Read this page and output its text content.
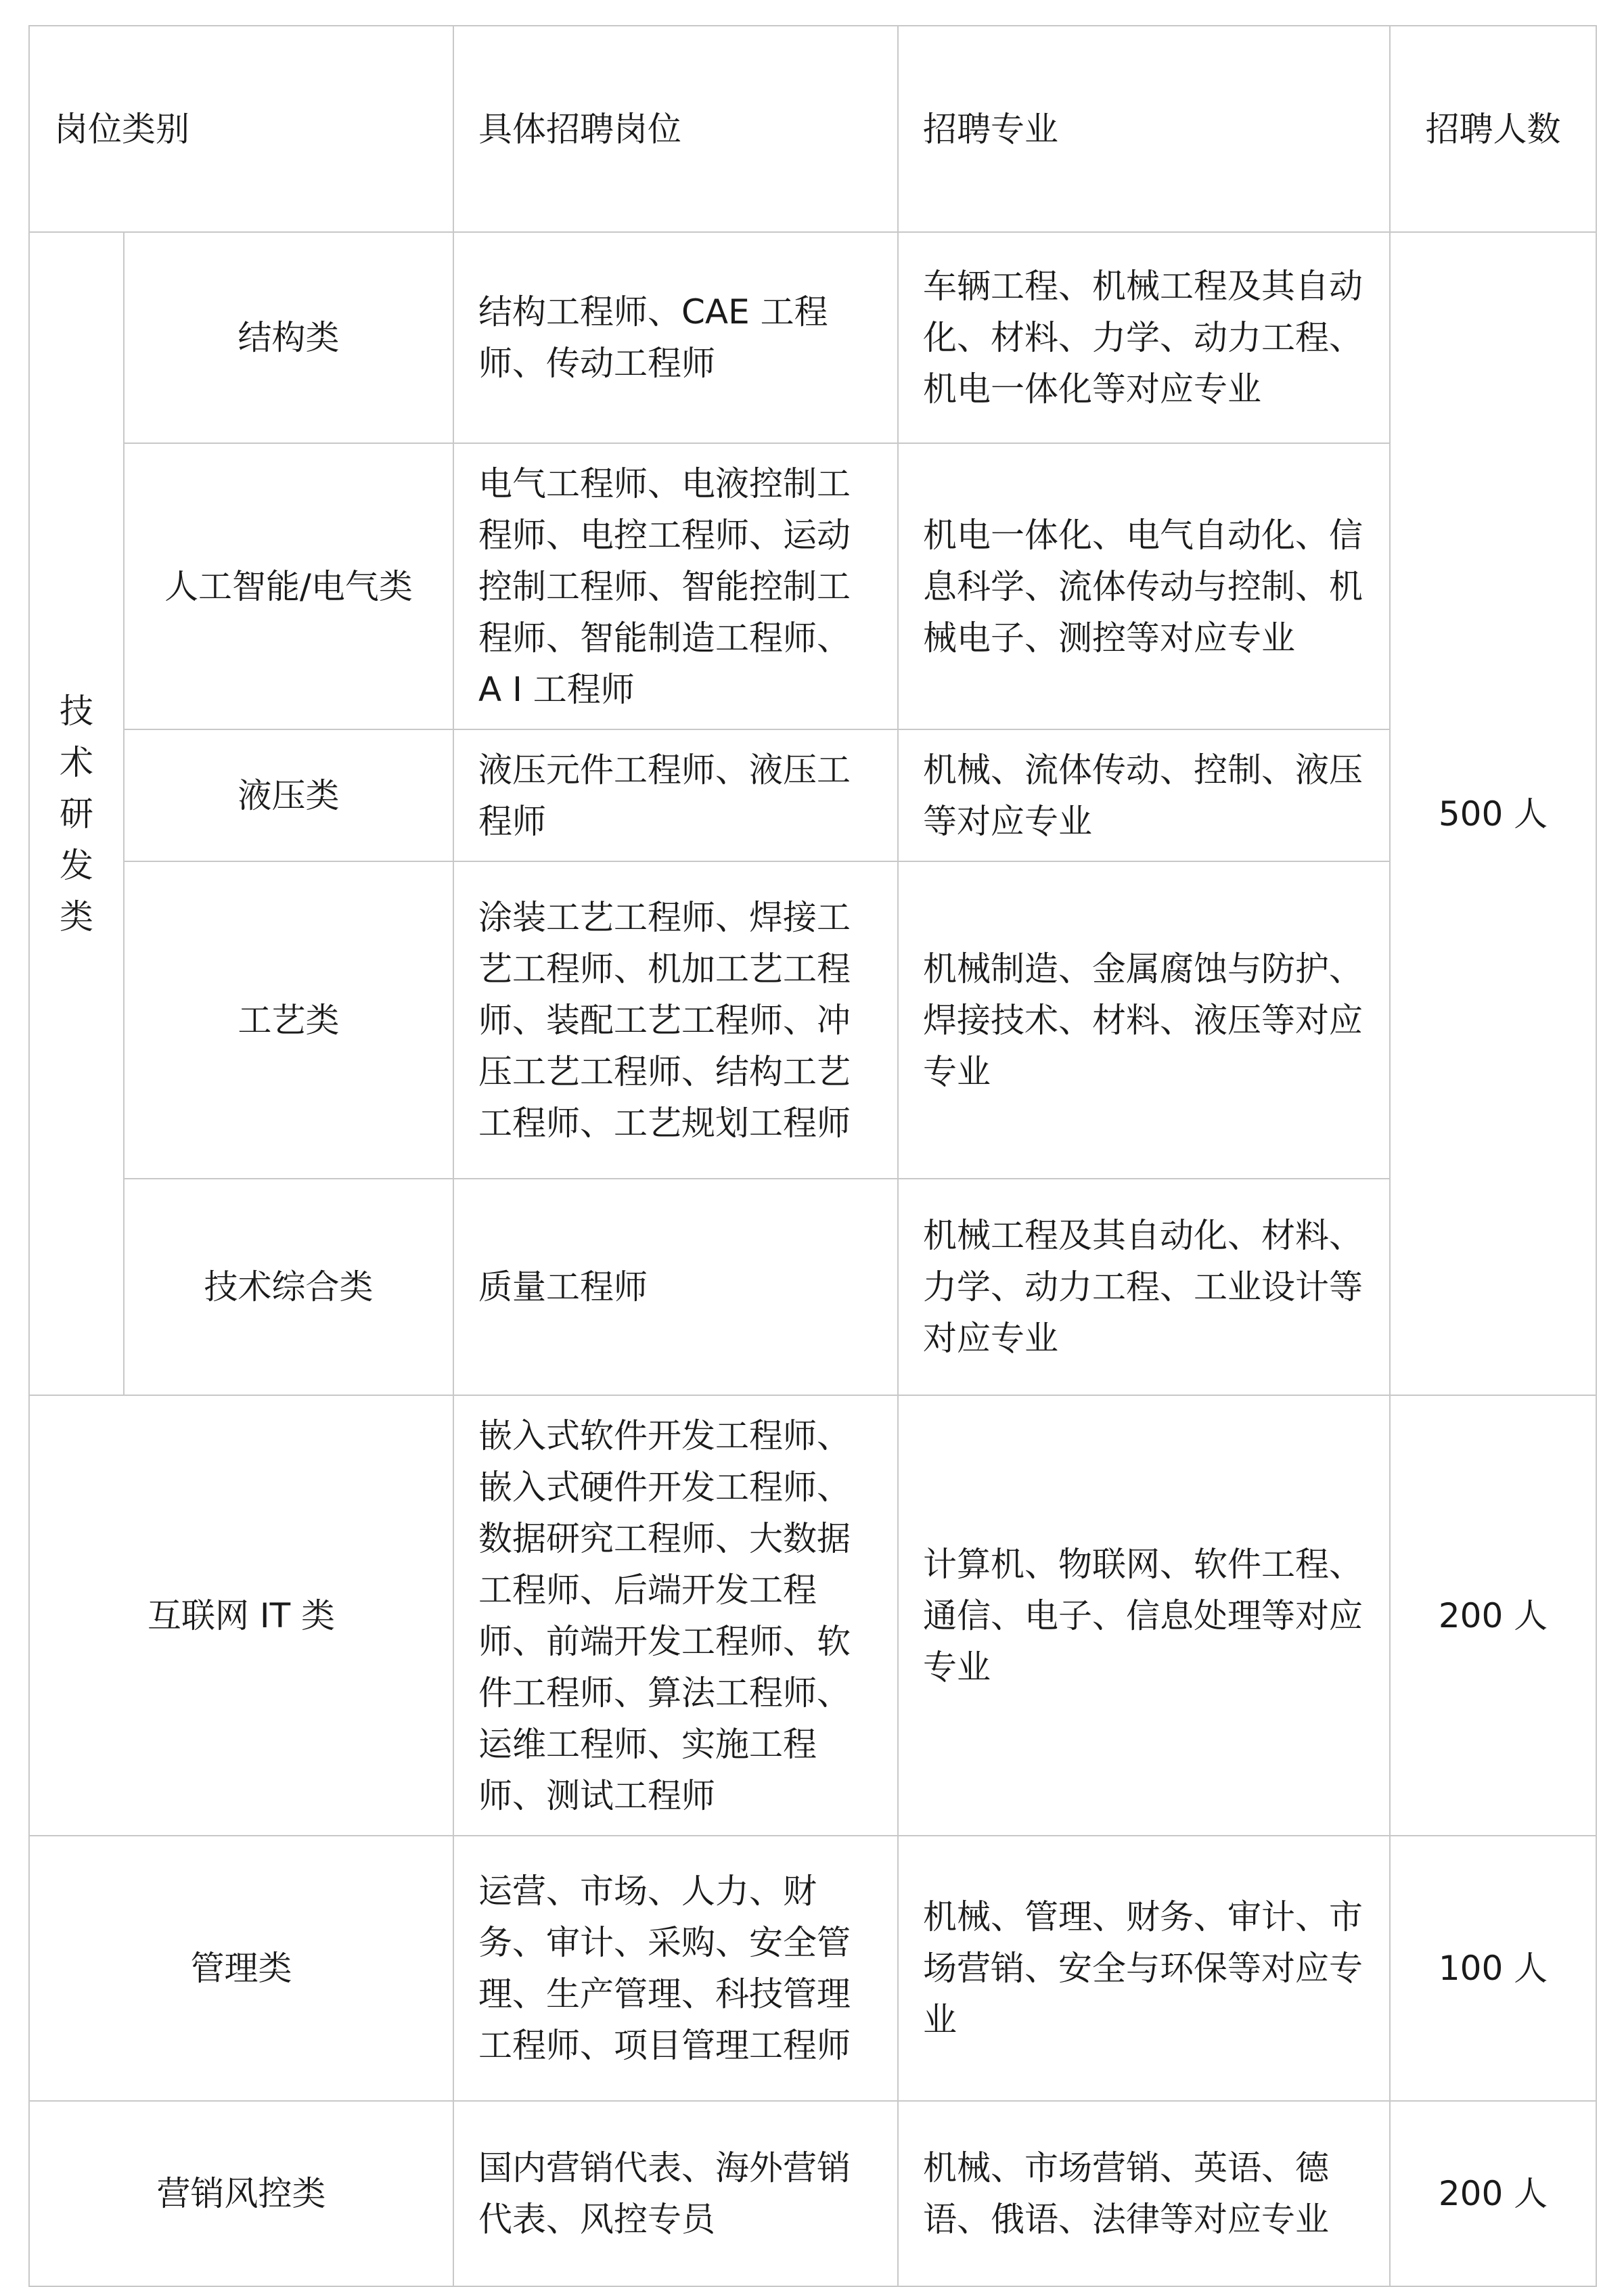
岗位类别		具体招聘岗位	招聘专业	招聘人数

技术研发类	结构类	结构工程师、CAE 工程师、传动工程师	车辆工程、机械工程及其自动化、材料、力学、动力工程、机电一体化等对应专业	500 人
	人工智能/电气类	电气工程师、电液控制工程师、电控工程师、运动控制工程师、智能控制工程师、智能制造工程师、A I 工程师	机电一体化、电气自动化、信息科学、流体传动与控制、机械电子、测控等对应专业	
	液压类	液压元件工程师、液压工程师	机械、流体传动、控制、液压等对应专业	
	工艺类	涂装工艺工程师、焊接工艺工程师、机加工艺工程师、装配工艺工程师、冲压工艺工程师、结构工艺工程师、工艺规划工程师	机械制造、金属腐蚀与防护、焊接技术、材料、液压等对应专业	
	技术综合类	质量工程师	机械工程及其自动化、材料、力学、动力工程、工业设计等对应专业	
互联网 IT 类		嵌入式软件开发工程师、嵌入式硬件开发工程师、数据研究工程师、大数据工程师、后端开发工程师、前端开发工程师、软件工程师、算法工程师、运维工程师、实施工程师、测试工程师	计算机、物联网、软件工程、通信、电子、信息处理等对应专业	200 人
管理类		运营、市场、人力、财务、审计、采购、安全管理、生产管理、科技管理工程师、项目管理工程师	机械、管理、财务、审计、市场营销、安全与环保等对应专业	100 人
营销风控类		国内营销代表、海外营销代表、风控专员	机械、市场营销、英语、德语、俄语、法律等对应专业	200 人
